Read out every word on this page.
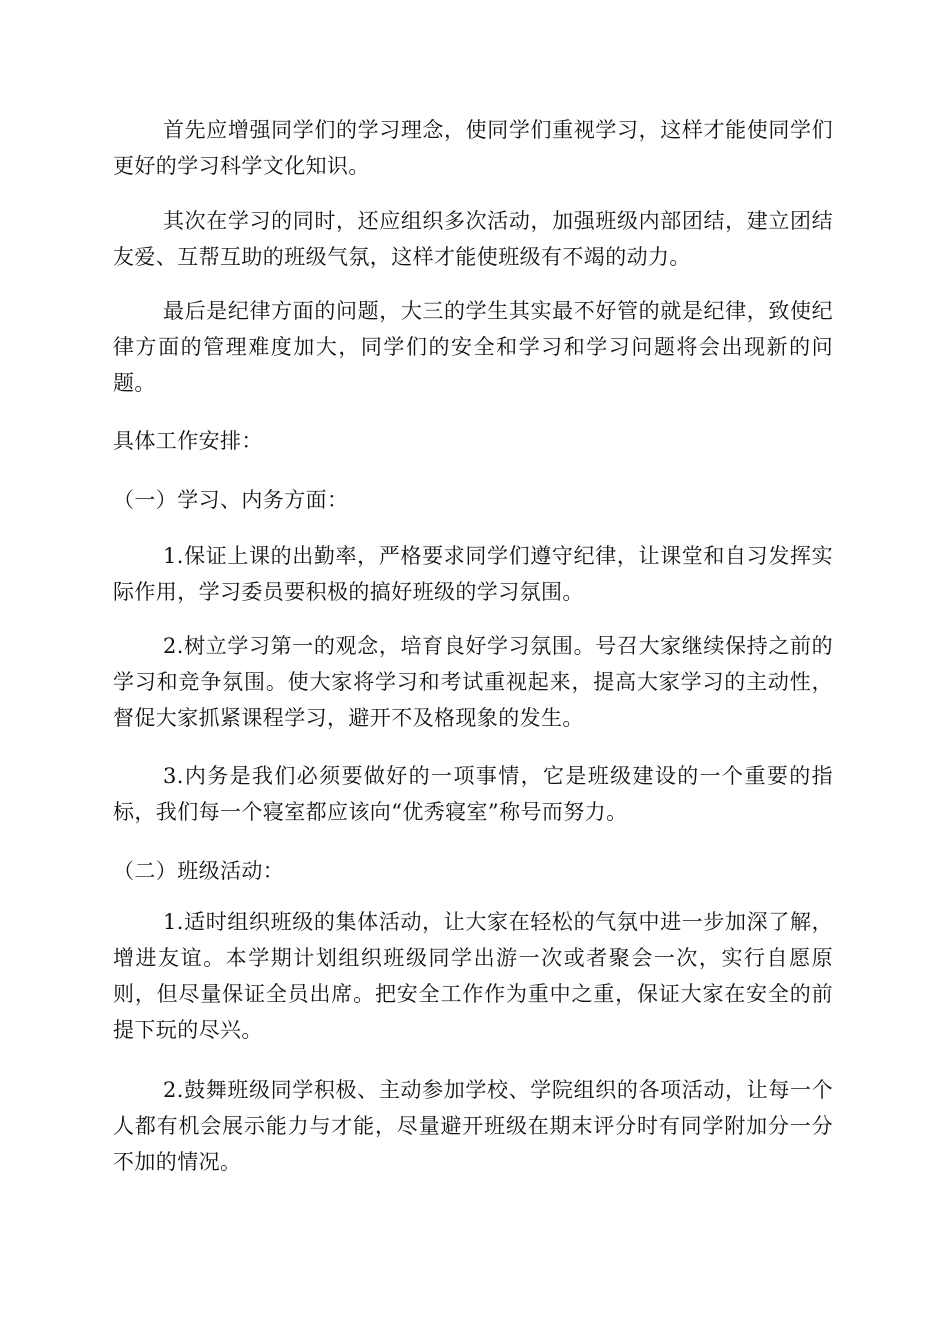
首先应增强同学们的学习理念，使同学们重视学习，这样才能使同学们更好的学习科学文化知识。

其次在学习的同时，还应组织多次活动，加强班级内部团结，建立团结友爱、互帮互助的班级气氛，这样才能使班级有不竭的动力。

最后是纪律方面的问题，大三的学生其实最不好管的就是纪律，致使纪律方面的管理难度加大，同学们的安全和学习和学习问题将会出现新的问题。

具体工作安排：

（一）学习、内务方面：

1.保证上课的出勤率，严格要求同学们遵守纪律，让课堂和自习发挥实际作用，学习委员要积极的搞好班级的学习氛围。

2.树立学习第一的观念，培育良好学习氛围。号召大家继续保持之前的学习和竞争氛围。使大家将学习和考试重视起来，提高大家学习的主动性，督促大家抓紧课程学习，避开不及格现象的发生。

3.内务是我们必须要做好的一项事情，它是班级建设的一个重要的指标，我们每一个寝室都应该向“优秀寝室”称号而努力。

（二）班级活动：

1.适时组织班级的集体活动，让大家在轻松的气氛中进一步加深了解，增进友谊。本学期计划组织班级同学出游一次或者聚会一次，实行自愿原则，但尽量保证全员出席。把安全工作作为重中之重，保证大家在安全的前提下玩的尽兴。

2.鼓舞班级同学积极、主动参加学校、学院组织的各项活动，让每一个人都有机会展示能力与才能，尽量避开班级在期末评分时有同学附加分一分不加的情况。
